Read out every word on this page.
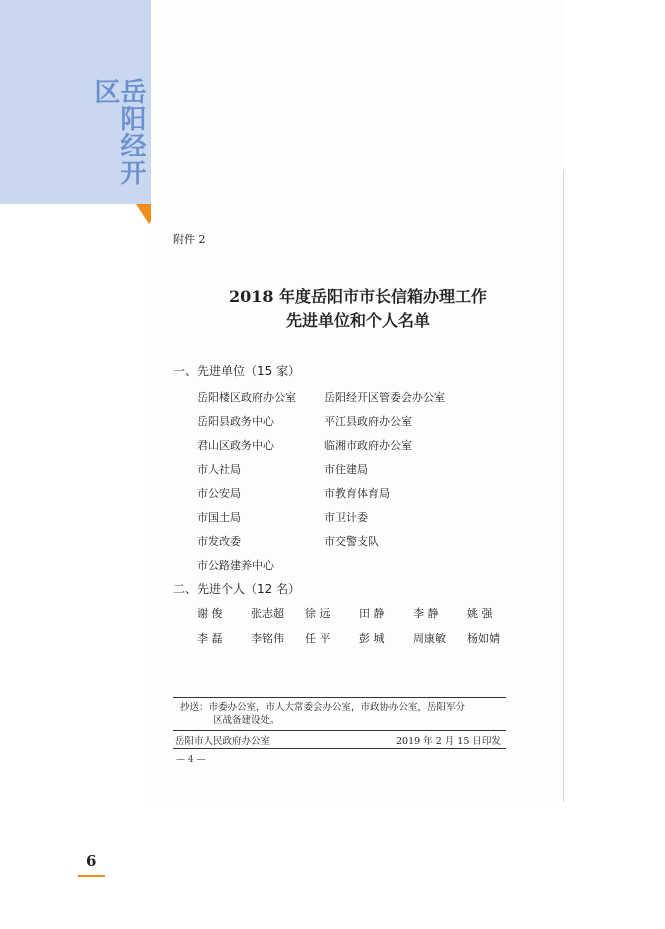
岳阳经开区
附件 2
2018 年度岳阳市市长信箱办理工作
先进单位和个人名单
一、先进单位（15 家）
岳阳楼区政府办公室	岳阳经开区管委会办公室
岳阳县政务中心	平江县政府办公室
君山区政务中心	临湘市政府办公室
市人社局	市住建局
市公安局	市教育体育局
市国土局	市卫计委
市发改委	市交警支队
市公路建养中心
二、先进个人（12 名）
谢 俊	张志超	徐 远	田 静	李 静	姚 强
李 磊	李铭伟	任 平	彭 城	周康敏	杨如婧
抄送：市委办公室，市人大常委会办公室，市政协办公室，岳阳军分
区战备建设处。
岳阳市人民政府办公室	2019 年 2 月 15 日印发
— 4 —
6
